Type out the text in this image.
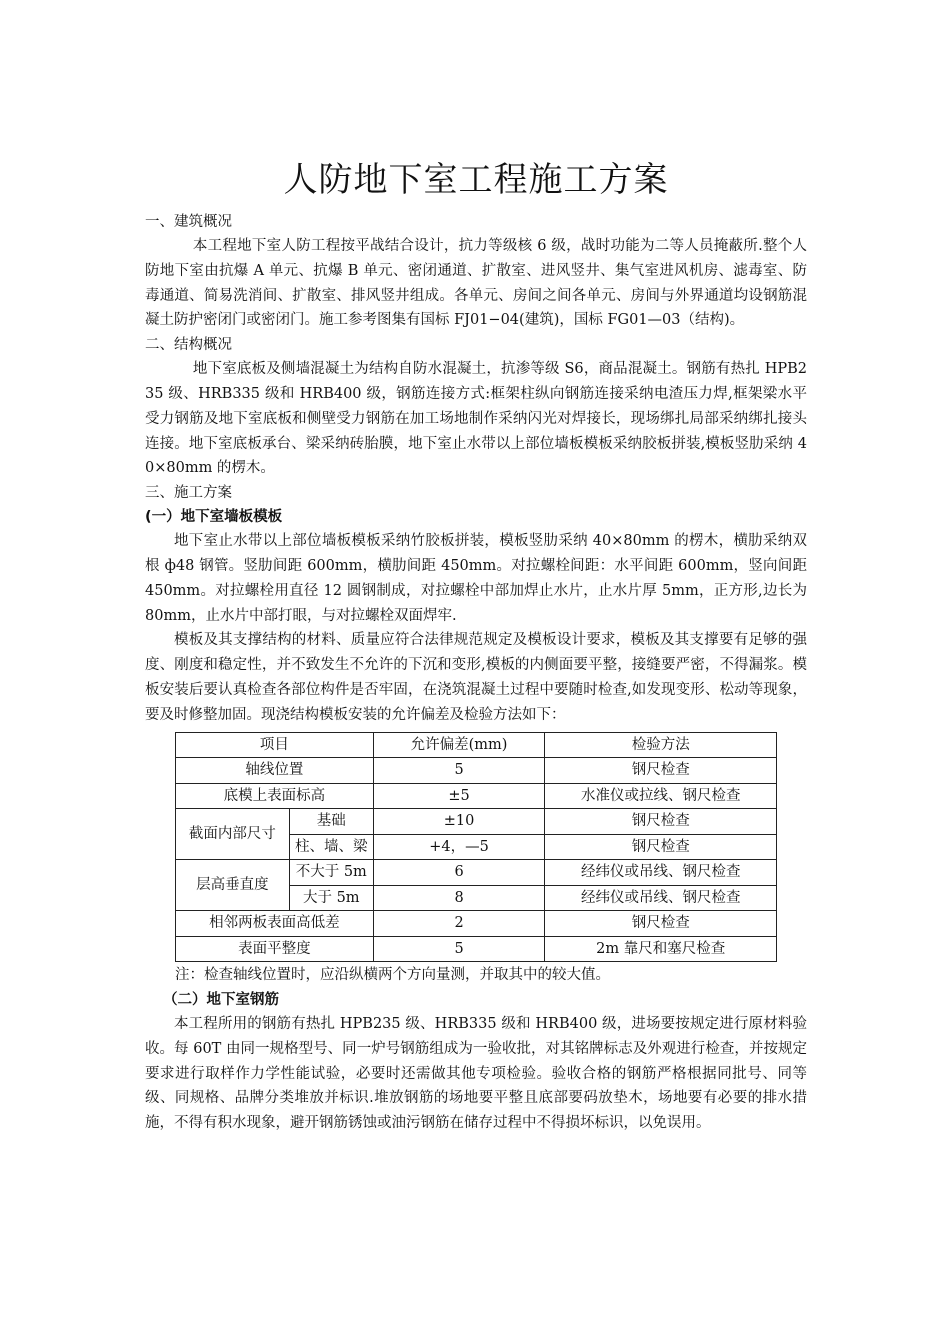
人防地下室工程施工方案

一、建筑概况

本工程地下室人防工程按平战结合设计，抗力等级核 6 级，战时功能为二等人员掩蔽所.整个人防地下室由抗爆 A 单元、抗爆 B 单元、密闭通道、扩散室、进风竖井、集气室进风机房、滤毒室、防毒通道、简易洗消间、扩散室、排风竖井组成。各单元、房间之间各单元、房间与外界通道均设钢筋混凝土防护密闭门或密闭门。施工参考图集有国标 FJ01−04(建筑)，国标 FG01—03（结构)。

二、结构概况

地下室底板及侧墙混凝土为结构自防水混凝土，抗渗等级 S6，商品混凝土。钢筋有热扎 HPB235 级、HRB335 级和 HRB400 级，钢筋连接方式:框架柱纵向钢筋连接采纳电渣压力焊,框架梁水平受力钢筋及地下室底板和侧壁受力钢筋在加工场地制作采纳闪光对焊接长，现场绑扎局部采纳绑扎接头连接。地下室底板承台、梁采纳砖胎膜，地下室止水带以上部位墙板模板采纳胶板拼装,模板竖肋采纳 40×80mm 的楞木。

三、施工方案

(一）地下室墙板模板

地下室止水带以上部位墙板模板采纳竹胶板拼装，模板竖肋采纳 40×80mm 的楞木，横肋采纳双根 ф48 钢管。竖肋间距 600mm，横肋间距 450mm。对拉螺栓间距：水平间距 600mm，竖向间距 450mm。对拉螺栓用直径 12 圆钢制成，对拉螺栓中部加焊止水片，止水片厚 5mm，正方形,边长为 80mm，止水片中部打眼，与对拉螺栓双面焊牢.

模板及其支撑结构的材料、质量应符合法律规范规定及模板设计要求，模板及其支撑要有足够的强度、刚度和稳定性，并不致发生不允许的下沉和变形,模板的内侧面要平整，接缝要严密，不得漏浆。模板安装后要认真检查各部位构件是否牢固，在浇筑混凝土过程中要随时检查,如发现变形、松动等现象，要及时修整加固。现浇结构模板安装的允许偏差及检验方法如下：

项目		允许偏差(mm)	检验方法
轴线位置		5	钢尺检查
底模上表面标高		±5	水准仪或拉线、钢尺检查
截面内部尺寸	基础	±10	钢尺检查
	柱、墙、梁	+4，—5	钢尺检查
层高垂直度	不大于 5m	6	经纬仪或吊线、钢尺检查
	大于 5m	8	经纬仪或吊线、钢尺检查
相邻两板表面高低差		2	钢尺检查
表面平整度		5	2m 靠尺和塞尺检查

注：检查轴线位置时，应沿纵横两个方向量测，并取其中的较大值。

（二）地下室钢筋

本工程所用的钢筋有热扎 HPB235 级、HRB335 级和 HRB400 级，进场要按规定进行原材料验收。每 60T 由同一规格型号、同一炉号钢筋组成为一验收批，对其铭牌标志及外观进行检查，并按规定要求进行取样作力学性能试验，必要时还需做其他专项检验。验收合格的钢筋严格根据同批号、同等级、同规格、品牌分类堆放并标识.堆放钢筋的场地要平整且底部要码放垫木，场地要有必要的排水措施，不得有积水现象，避开钢筋锈蚀或油污钢筋在储存过程中不得损坏标识，以免误用。
